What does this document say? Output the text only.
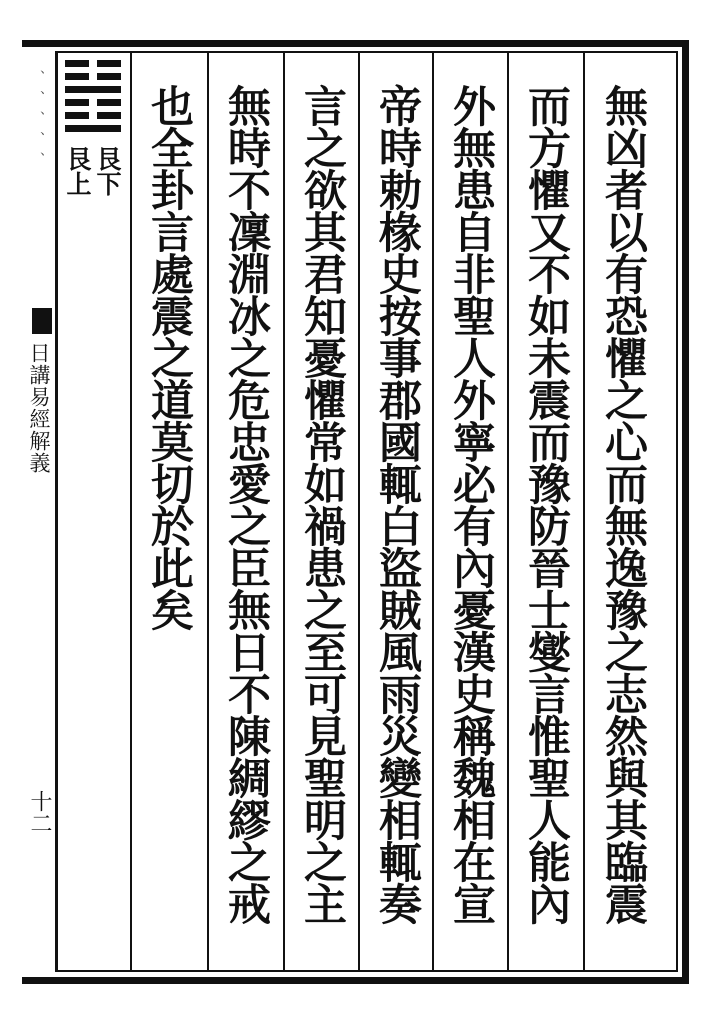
、、、、、
日講易經解義
十二
艮下
艮上	無凶者以有恐懼之心而無逸豫之志然與其臨震
而方懼又不如未震而豫防晉士燮言惟聖人能內
外無患自非聖人外寧必有內憂漢史稱魏相在宣
帝時勅椽史按事郡國輒白盜賊風雨災變相輒奏
言之欲其君知憂懼常如禍患之至可見聖明之主
無時不凜淵冰之危忠愛之臣無日不陳綢繆之戒
也全卦言處震之道莫切於此矣
